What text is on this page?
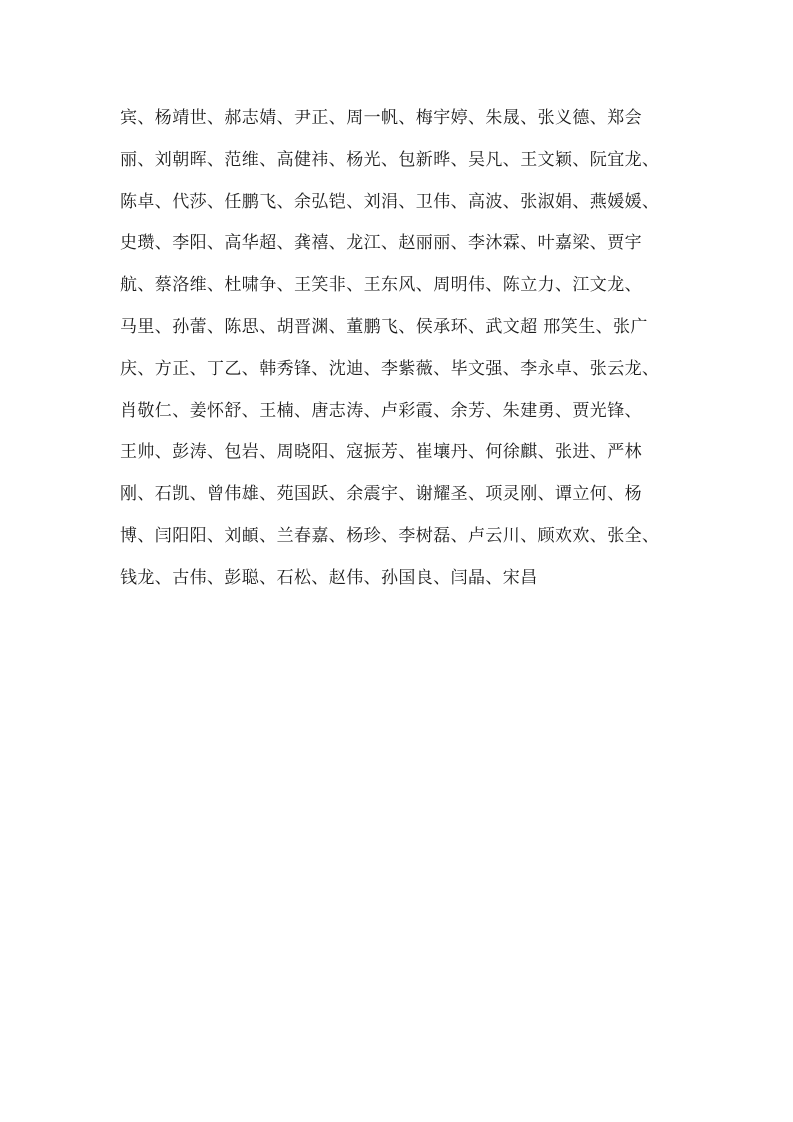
宾、杨靖世、郝志婧、尹正、周一帆、梅宇婷、朱晟、张义德、郑会
丽、刘朝晖、范维、高健祎、杨光、包新晔、吴凡、王文颖、阮宜龙、
陈卓、代莎、任鹏飞、余弘铠、刘涓、卫伟、高波、张淑娟、燕媛媛、
史瓒、李阳、高华超、龚禧、龙江、赵丽丽、李沐霖、叶嘉梁、贾宇
航、蔡洛维、杜啸争、王笑非、王东风、周明伟、陈立力、江文龙、
马里、孙蕾、陈思、胡晋渊、董鹏飞、侯承环、武文超 邢笑生、张广
庆、方正、丁乙、韩秀锋、沈迪、李紫薇、毕文强、李永卓、张云龙、
肖敬仁、姜怀舒、王楠、唐志涛、卢彩霞、余芳、朱建勇、贾光锋、
王帅、彭涛、包岩、周晓阳、寇振芳、崔壤丹、何徐麒、张进、严林
刚、石凯、曾伟雄、苑国跃、余震宇、谢耀圣、项灵刚、谭立何、杨
博、闫阳阳、刘頔、兰春嘉、杨珍、李树磊、卢云川、顾欢欢、张全、
钱龙、古伟、彭聪、石松、赵伟、孙国良、闫晶、宋昌
